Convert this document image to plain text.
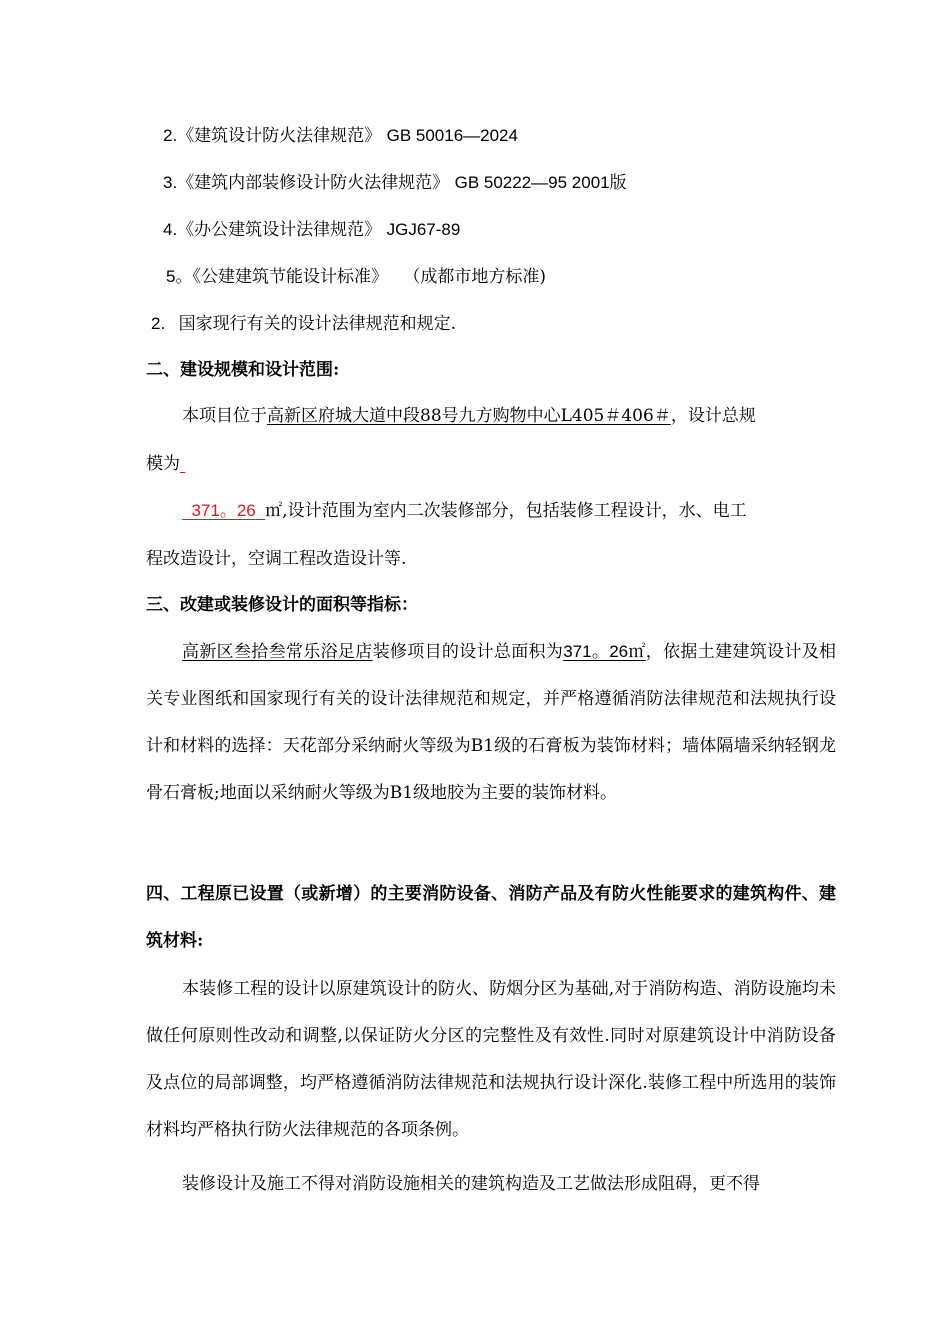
2.《建筑设计防火法律规范》 GB 50016—2024
3.《建筑内部装修设计防火法律规范》 GB 50222—95 2001版
4.《办公建筑设计法律规范》 JGJ67-89
5。《公建建筑节能设计标准》 （成都市地方标准)
2. 国家现行有关的设计法律规范和规定.
二、建设规模和设计范围:
本项目位于高新区府城大道中段88号九方购物中心L405＃406＃，设计总规
模为
371。26 ㎡,设计范围为室内二次装修部分，包括装修工程设计，水、电工
程改造设计，空调工程改造设计等.
三、改建或装修设计的面积等指标：
高新区叁拾叁常乐浴足店装修项目的设计总面积为371。26㎡，依据土建建筑设计及相关专业图纸和国家现行有关的设计法律规范和规定，并严格遵循消防法律规范和法规执行设计和材料的选择：天花部分采纳耐火等级为B1级的石膏板为装饰材料；墙体隔墙采纳轻钢龙骨石膏板;地面以采纳耐火等级为B1级地胶为主要的装饰材料。
四、工程原已设置（或新增）的主要消防设备、消防产品及有防火性能要求的建筑构件、建筑材料:
本装修工程的设计以原建筑设计的防火、防烟分区为基础,对于消防构造、消防设施均未做任何原则性改动和调整,以保证防火分区的完整性及有效性.同时对原建筑设计中消防设备及点位的局部调整，均严格遵循消防法律规范和法规执行设计深化.装修工程中所选用的装饰材料均严格执行防火法律规范的各项条例。
装修设计及施工不得对消防设施相关的建筑构造及工艺做法形成阻碍，更不得
